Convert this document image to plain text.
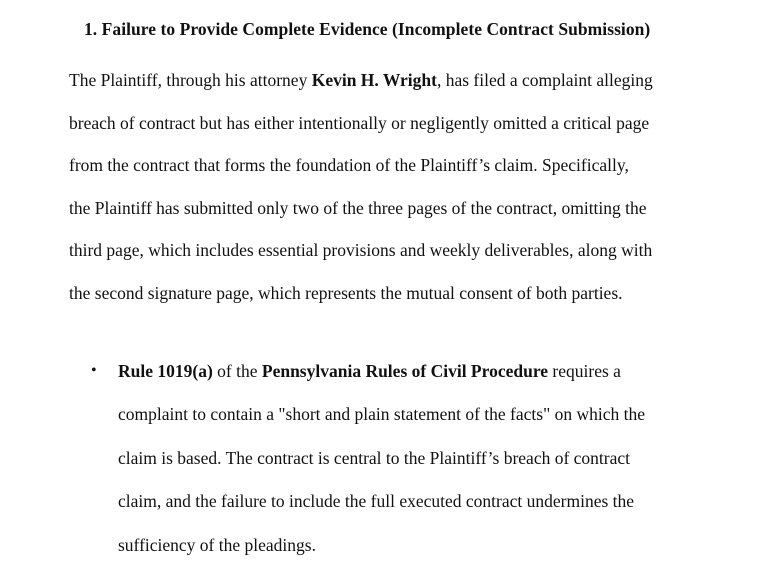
1. Failure to Provide Complete Evidence (Incomplete Contract Submission)
The Plaintiff, through his attorney Kevin H. Wright, has filed a complaint alleging
breach of contract but has either intentionally or negligently omitted a critical page
from the contract that forms the foundation of the Plaintiff’s claim. Specifically,
the Plaintiff has submitted only two of the three pages of the contract, omitting the
third page, which includes essential provisions and weekly deliverables, along with
the second signature page, which represents the mutual consent of both parties.
• Rule 1019(a) of the Pennsylvania Rules of Civil Procedure requires a
complaint to contain a "short and plain statement of the facts" on which the
claim is based. The contract is central to the Plaintiff’s breach of contract
claim, and the failure to include the full executed contract undermines the
sufficiency of the pleadings.
